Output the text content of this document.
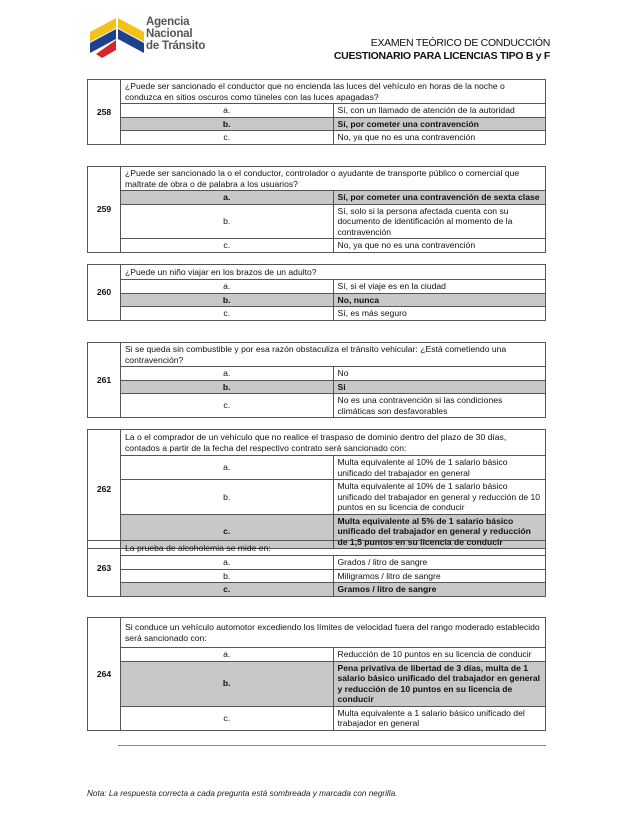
Agencia
Nacional
de Tránsito	EXAMEN TEÓRICO DE CONDUCCIÓN
CUESTIONARIO PARA LICENCIAS TIPO B y F
258	¿Puede ser sancionado el conductor que no encienda las luces del vehículo en horas de la noche o conduzca en sitios oscuros como túneles con las luces apagadas?	
	a.	Sí, con un llamado de atención de la autoridad
	b.	Sí, por cometer una contravención
	c.	No, ya que no es una contravención
259	¿Puede ser sancionado la o el conductor, controlador o ayudante de transporte público o comercial que maltrate de obra o de palabra a los usuarios?	
	a.	Sí, por cometer una contravención de sexta clase
	b.	Sí, solo si la persona afectada cuenta con su documento de identificación al momento de la contravención
	c.	No, ya que no es una contravención
260	¿Puede un niño viajar en los brazos de un adulto?	
	a.	Sí, si el viaje es en la ciudad
	b.	No, nunca
	c.	Sí, es más seguro
261	Si se queda sin combustible y por esa razón obstaculiza el tránsito vehicular: ¿Está cometiendo una contravención?	
	a.	No
	b.	Si
	c.	No es una contravención si las condiciones climáticas son desfavorables
262	La o el comprador de un vehículo que no realice el traspaso de dominio dentro del plazo de 30 días, contados a partir de la fecha del respectivo contrato será sancionado con:	
	a.	Multa equivalente al 10% de 1 salario básico unificado del trabajador en general
	b.	Multa equivalente al 10% de 1 salario básico unificado del trabajador en general y reducción de 10 puntos en su licencia de conducir
	c.	Multa equivalente al 5% de 1 salario básico unificado del trabajador en general y reducción de 1,5 puntos en su licencia de conducir
263	La prueba de alcoholemia se mide en:	
	a.	Grados / litro de sangre
	b.	Miligramos / litro de sangre
	c.	Gramos / litro de sangre
264	Si conduce un vehículo automotor excediendo los límites de velocidad fuera del rango moderado establecido será sancionado con:	
	a.	Reducción de 10 puntos en su licencia de conducir
	b.	Pena privativa de libertad de 3 días, multa de 1 salario básico unificado del trabajador en general y reducción de 10 puntos en su licencia de conducir
	c.	Multa equivalente a 1 salario básico unificado del trabajador en general
Nota: La respuesta correcta a cada pregunta está sombreada y marcada con negrilla.
